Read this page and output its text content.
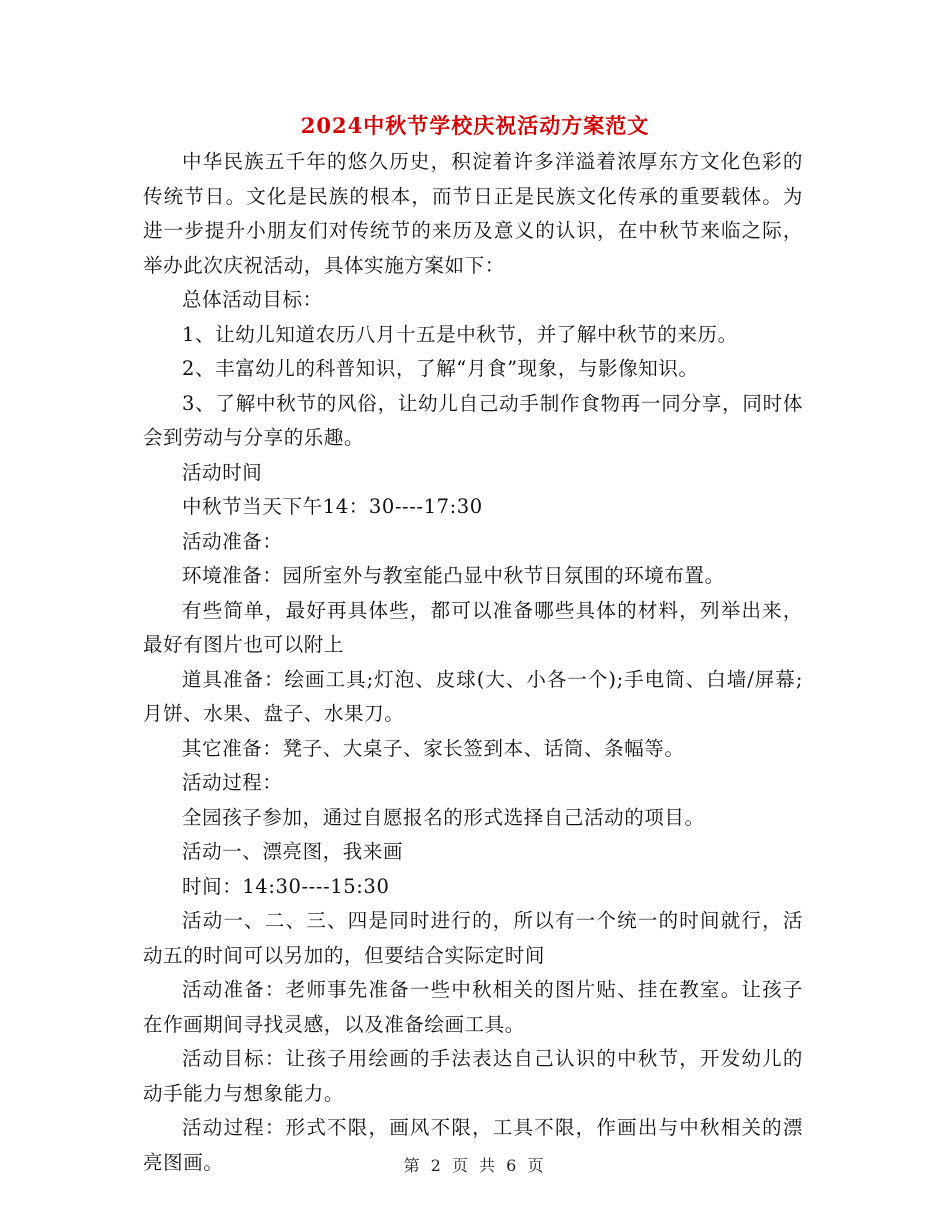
2024中秋节学校庆祝活动方案范文

中华民族五千年的悠久历史，积淀着许多洋溢着浓厚东方文化色彩的传统节日。文化是民族的根本，而节日正是民族文化传承的重要载体。为进一步提升小朋友们对传统节的来历及意义的认识，在中秋节来临之际，举办此次庆祝活动，具体实施方案如下：

总体活动目标：

1、让幼儿知道农历八月十五是中秋节，并了解中秋节的来历。

2、丰富幼儿的科普知识，了解“月食”现象，与影像知识。

3、了解中秋节的风俗，让幼儿自己动手制作食物再一同分享，同时体会到劳动与分享的乐趣。

活动时间

中秋节当天下午14：30----17:30

活动准备：

环境准备：园所室外与教室能凸显中秋节日氛围的环境布置。

有些简单，最好再具体些，都可以准备哪些具体的材料，列举出来，最好有图片也可以附上

道具准备：绘画工具;灯泡、皮球(大、小各一个);手电筒、白墙/屏幕;月饼、水果、盘子、水果刀。

其它准备：凳子、大桌子、家长签到本、话筒、条幅等。

活动过程：

全园孩子参加，通过自愿报名的形式选择自己活动的项目。

活动一、漂亮图，我来画

时间：14:30----15:30

活动一、二、三、四是同时进行的，所以有一个统一的时间就行，活动五的时间可以另加的，但要结合实际定时间

活动准备：老师事先准备一些中秋相关的图片贴、挂在教室。让孩子在作画期间寻找灵感，以及准备绘画工具。

活动目标：让孩子用绘画的手法表达自己认识的中秋节，开发幼儿的动手能力与想象能力。

活动过程：形式不限，画风不限，工具不限，作画出与中秋相关的漂亮图画。	第 2 页 共 6 页
